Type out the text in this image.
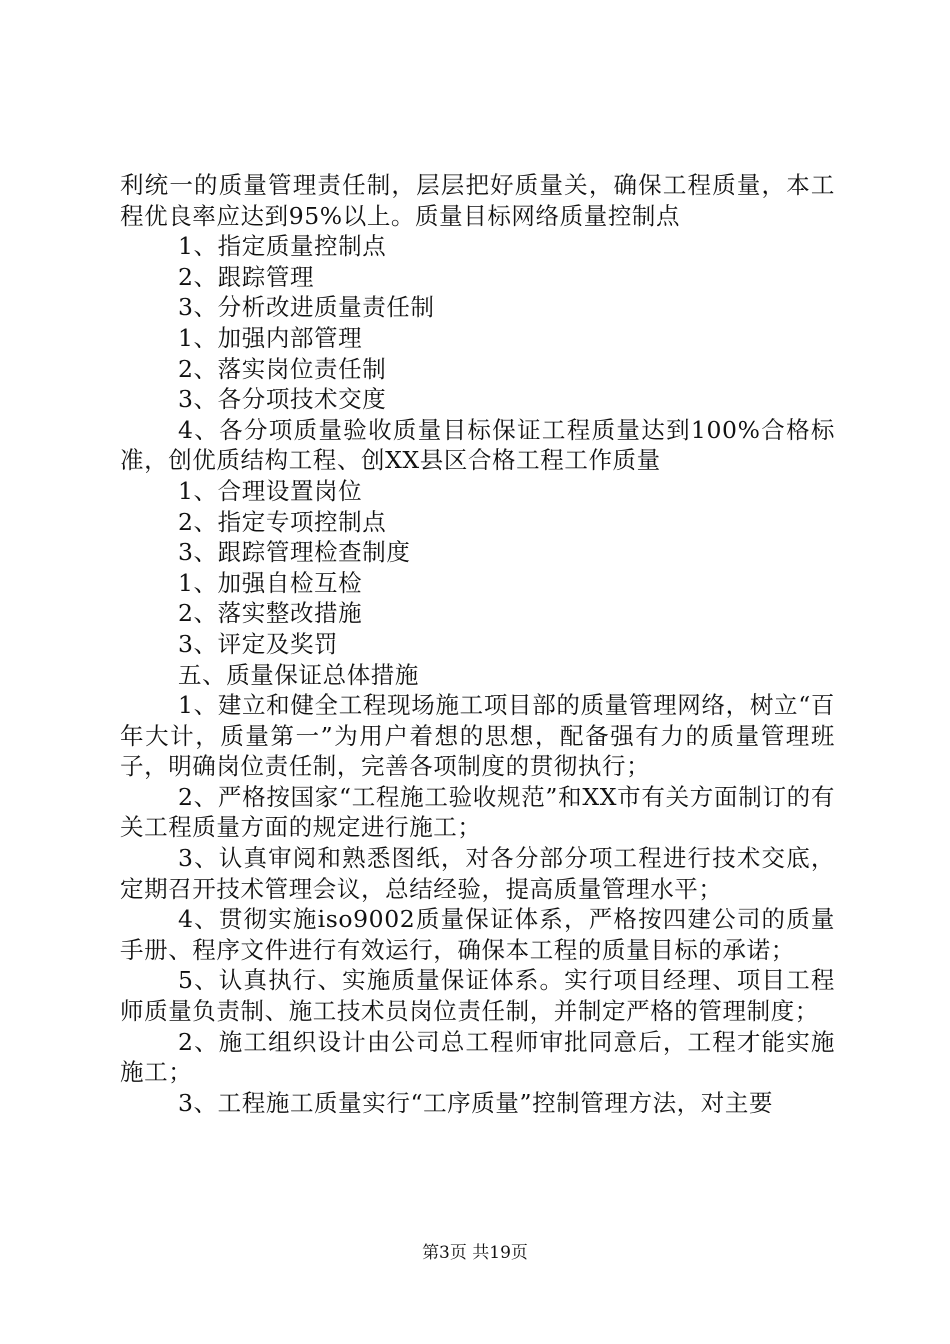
利统一的质量管理责任制，层层把好质量关，确保工程质量，本工程优良率应达到95%以上。质量目标网络质量控制点

1、指定质量控制点

2、跟踪管理

3、分析改进质量责任制

1、加强内部管理

2、落实岗位责任制

3、各分项技术交度

4、各分项质量验收质量目标保证工程质量达到100%合格标准，创优质结构工程、创XX县区合格工程工作质量

1、合理设置岗位

2、指定专项控制点

3、跟踪管理检查制度

1、加强自检互检

2、落实整改措施

3、评定及奖罚

五、质量保证总体措施

1、建立和健全工程现场施工项目部的质量管理网络，树立“百年大计，质量第一”为用户着想的思想，配备强有力的质量管理班子，明确岗位责任制，完善各项制度的贯彻执行；

2、严格按国家“工程施工验收规范”和XX市有关方面制订的有关工程质量方面的规定进行施工；

3、认真审阅和熟悉图纸，对各分部分项工程进行技术交底，定期召开技术管理会议，总结经验，提高质量管理水平；

4、贯彻实施iso9002质量保证体系，严格按四建公司的质量手册、程序文件进行有效运行，确保本工程的质量目标的承诺；

5、认真执行、实施质量保证体系。实行项目经理、项目工程师质量负责制、施工技术员岗位责任制，并制定严格的管理制度；

2、施工组织设计由公司总工程师审批同意后，工程才能实施施工；

3、工程施工质量实行“工序质量”控制管理方法，对主要

第3页 共19页
